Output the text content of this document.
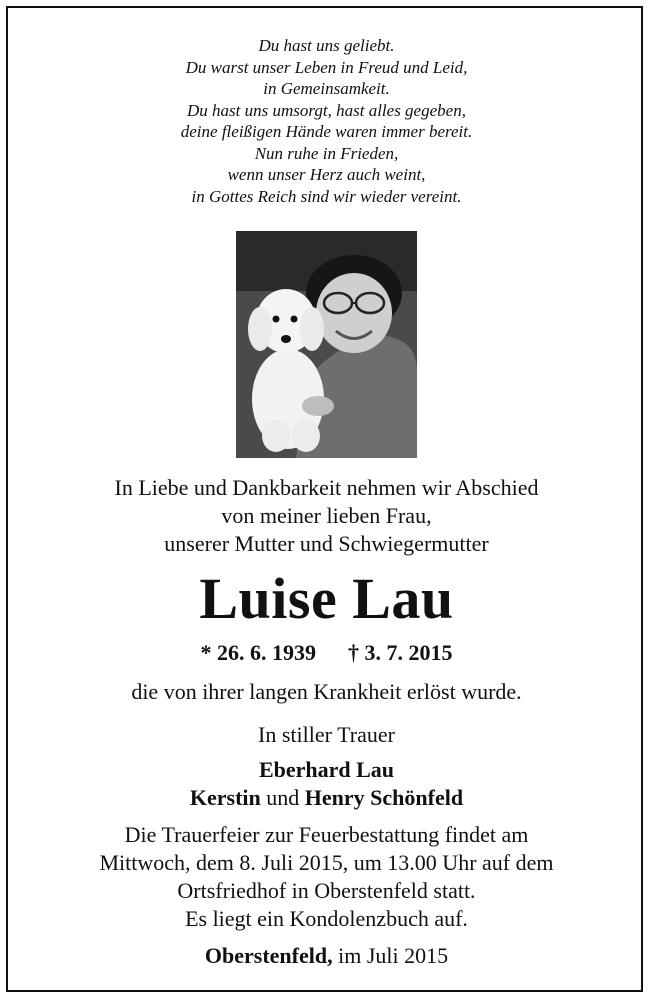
Du hast uns geliebt.
Du warst unser Leben in Freud und Leid,
in Gemeinsamkeit.
Du hast uns umsorgt, hast alles gegeben,
deine fleißigen Hände waren immer bereit.
Nun ruhe in Frieden,
wenn unser Herz auch weint,
in Gottes Reich sind wir wieder vereint.
In Liebe und Dankbarkeit nehmen wir Abschied
von meiner lieben Frau,
unserer Mutter und Schwiegermutter
Luise Lau
* 26. 6. 1939 † 3. 7. 2015
die von ihrer langen Krankheit erlöst wurde.
In stiller Trauer
Eberhard Lau
Kerstin und Henry Schönfeld
Die Trauerfeier zur Feuerbestattung findet am
Mittwoch, dem 8. Juli 2015, um 13.00 Uhr auf dem
Ortsfriedhof in Oberstenfeld statt.
Es liegt ein Kondolenzbuch auf.
Oberstenfeld, im Juli 2015
